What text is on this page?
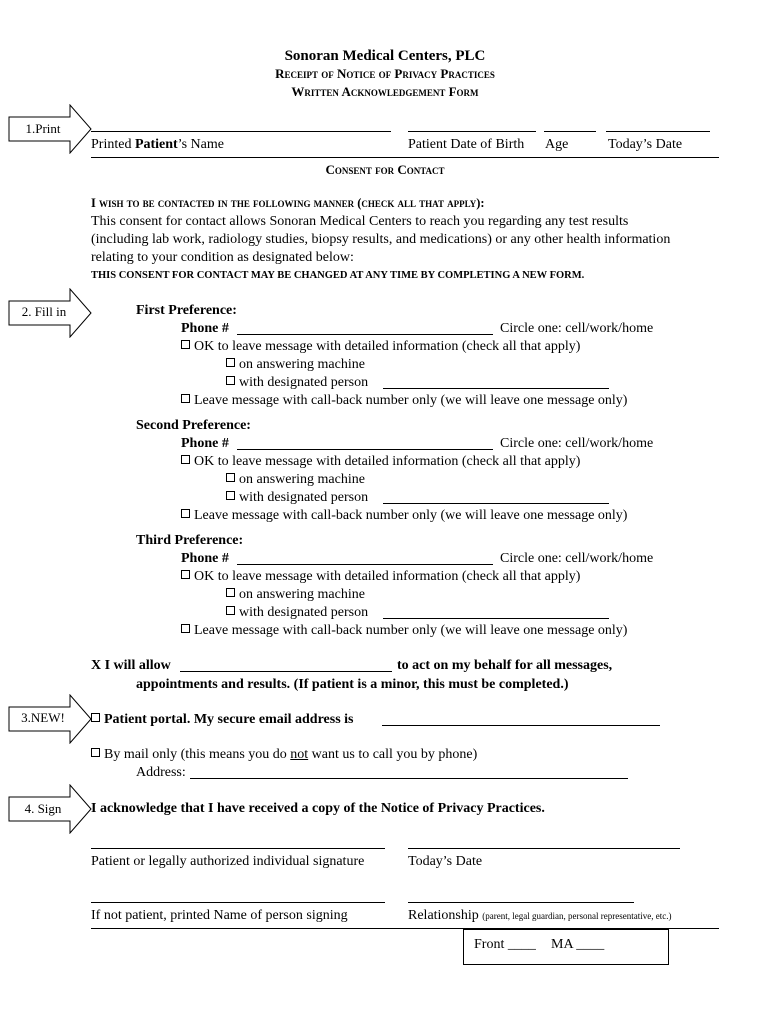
Sonoran Medical Centers, PLC
Receipt of Notice of Privacy Practices
Written Acknowledgement Form
1.Print
Printed Patient’s Name	Patient Date of Birth Age	Today’s Date
Consent for Contact
I wish to be contacted in the following manner (check all that apply):
This consent for contact allows Sonoran Medical Centers to reach you regarding any test results
(including lab work, radiology studies, biopsy results, and medications) or any other health information
relating to your condition as designated below:
THIS CONSENT FOR CONTACT MAY BE CHANGED AT ANY TIME BY COMPLETING A NEW FORM.
2. Fill in	First Preference:
Phone #	Circle one: cell/work/home
OK to leave message with detailed information (check all that apply)
on answering machine
with designated person
Leave message with call-back number only (we will leave one message only)
Second Preference:
Phone #	Circle one: cell/work/home
OK to leave message with detailed information (check all that apply)
on answering machine
with designated person
Leave message with call-back number only (we will leave one message only)
Third Preference:
Phone #	Circle one: cell/work/home
OK to leave message with detailed information (check all that apply)
on answering machine
with designated person
Leave message with call-back number only (we will leave one message only)
X I will allow	to act on my behalf for all messages,
appointments and results. (If patient is a minor, this must be completed.)
3.NEW!	Patient portal. My secure email address is
By mail only (this means you do not want us to call you by phone)
Address:
4. Sign	I acknowledge that I have received a copy of the Notice of Privacy Practices.
Patient or legally authorized individual signature	Today’s Date
If not patient, printed Name of person signing	Relationship (parent, legal guardian, personal representative, etc.)
Front ____ MA ____
